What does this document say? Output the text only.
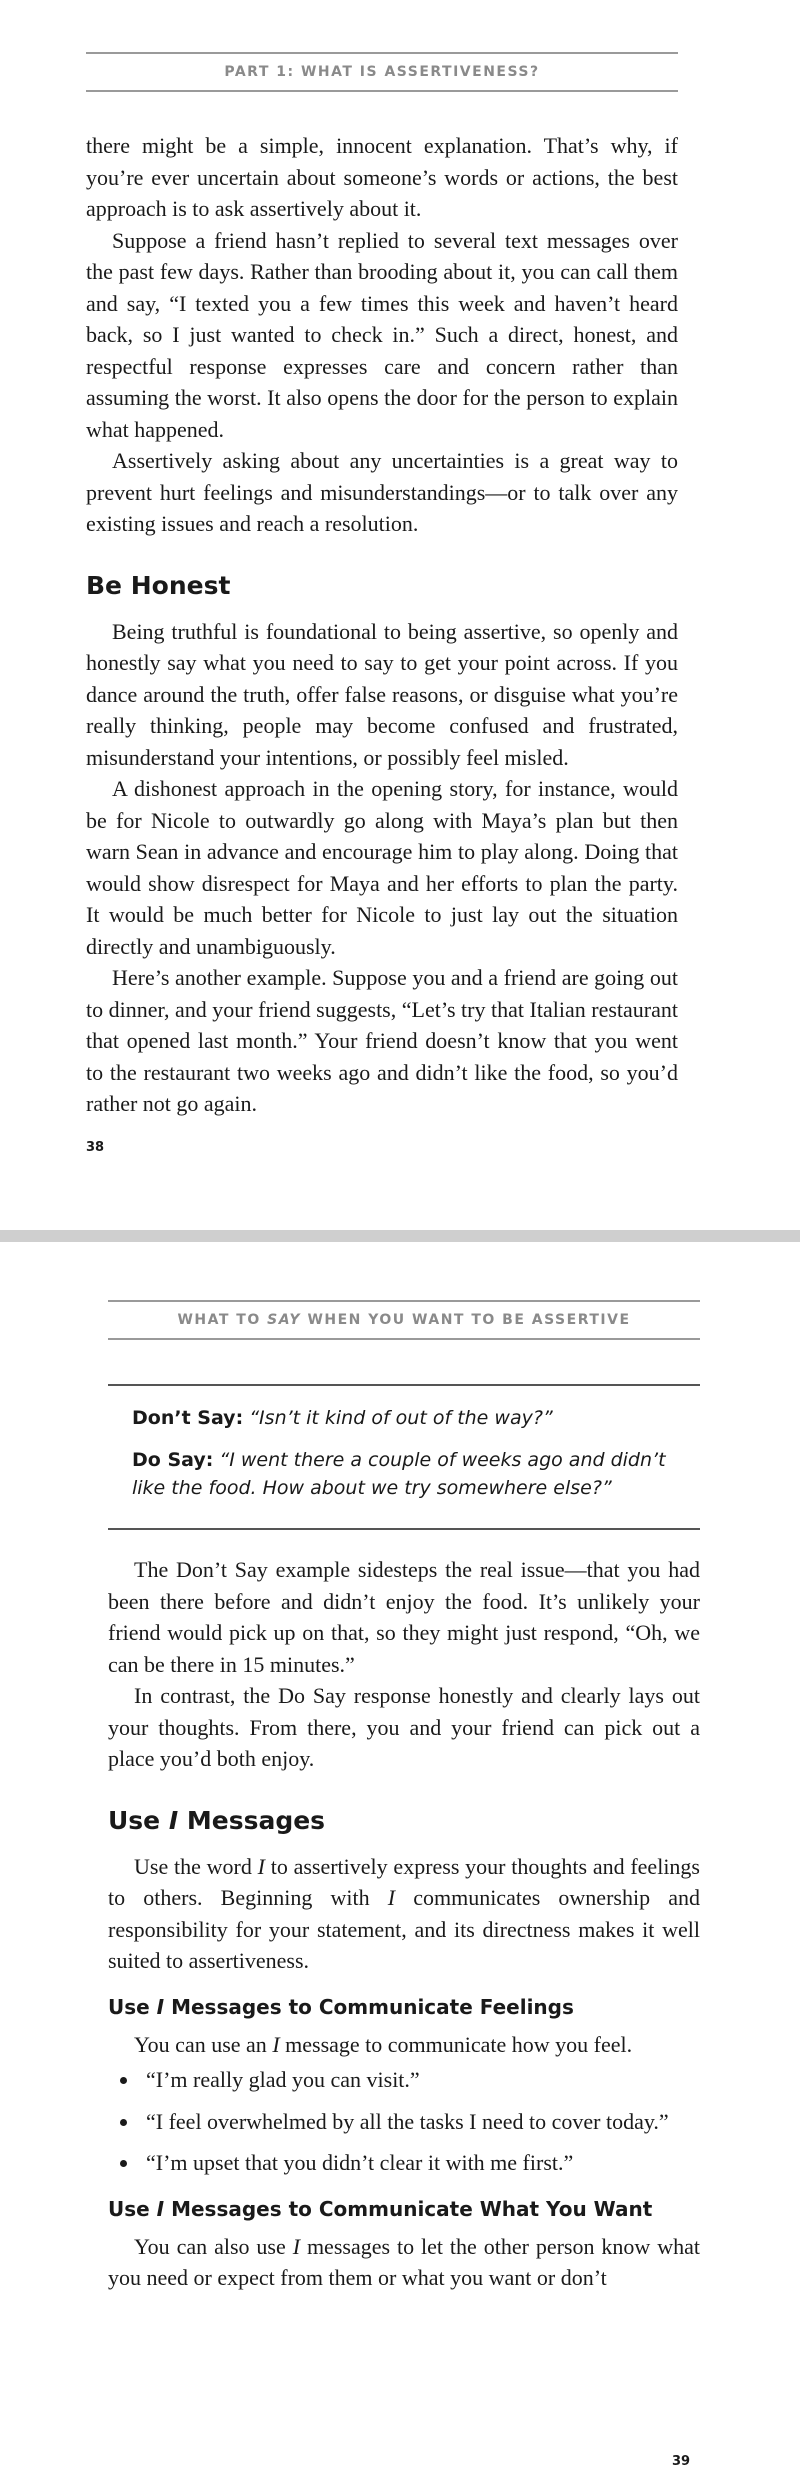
PART 1: WHAT IS ASSERTIVENESS?

there might be a simple, innocent explanation. That’s why, if you’re ever uncertain about someone’s words or actions, the best approach is to ask assertively about it.

Suppose a friend hasn’t replied to several text messages over the past few days. Rather than brooding about it, you can call them and say, “I texted you a few times this week and haven’t heard back, so I just wanted to check in.” Such a direct, honest, and respectful response expresses care and concern rather than assuming the worst. It also opens the door for the person to explain what happened.

Assertively asking about any uncertainties is a great way to prevent hurt feelings and misunderstandings—or to talk over any existing issues and reach a resolution.

Be Honest

Being truthful is foundational to being assertive, so openly and honestly say what you need to say to get your point across. If you dance around the truth, offer false reasons, or disguise what you’re really thinking, people may become confused and frustrated, misunderstand your intentions, or possibly feel misled.

A dishonest approach in the opening story, for instance, would be for Nicole to outwardly go along with Maya’s plan but then warn Sean in advance and encourage him to play along. Doing that would show disrespect for Maya and her efforts to plan the party. It would be much better for Nicole to just lay out the situation directly and unambiguously.

Here’s another example. Suppose you and a friend are going out to dinner, and your friend suggests, “Let’s try that Italian restaurant that opened last month.” Your friend doesn’t know that you went to the restaurant two weeks ago and didn’t like the food, so you’d rather not go again.

38
WHAT TO SAY WHEN YOU WANT TO BE ASSERTIVE

Don’t Say: “Isn’t it kind of out of the way?”

Do Say: “I went there a couple of weeks ago and didn’t like the food. How about we try somewhere else?”

The Don’t Say example sidesteps the real issue—that you had been there before and didn’t enjoy the food. It’s unlikely your friend would pick up on that, so they might just respond, “Oh, we can be there in 15 minutes.”

In contrast, the Do Say response honestly and clearly lays out your thoughts. From there, you and your friend can pick out a place you’d both enjoy.

Use I Messages

Use the word I to assertively express your thoughts and feelings to others. Beginning with I communicates ownership and responsibility for your statement, and its directness makes it well suited to assertiveness.

Use I Messages to Communicate Feelings

You can use an I message to communicate how you feel.

• “I’m really glad you can visit.”
• “I feel overwhelmed by all the tasks I need to cover today.”
• “I’m upset that you didn’t clear it with me first.”
Use I Messages to Communicate What You Want

You can also use I messages to let the other person know what you need or expect from them or what you want or don’t

39
